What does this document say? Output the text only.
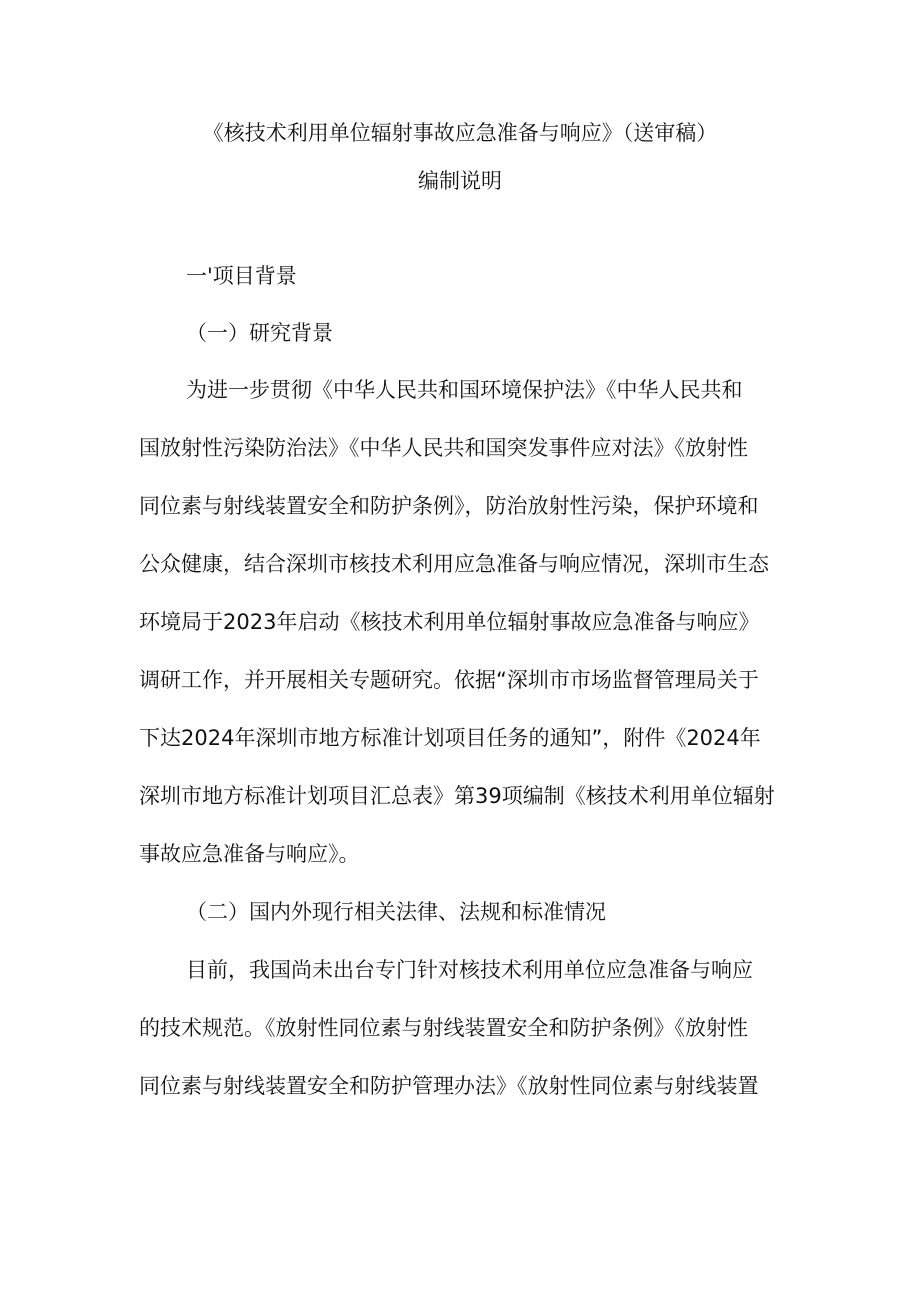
《核技术利用单位辐射事故应急准备与响应》（送审稿）
编制说明
一'项目背景
（一）研究背景
为进一步贯彻《中华人民共和国环境保护法》《中华人民共和
国放射性污染防治法》《中华人民共和国突发事件应对法》《放射性
同位素与射线装置安全和防护条例》，防治放射性污染，保护环境和
公众健康，结合深圳市核技术利用应急准备与响应情况，深圳市生态
环境局于2023年启动《核技术利用单位辐射事故应急准备与响应》
调研工作，并开展相关专题研究。依据“深圳市市场监督管理局关于
下达2024年深圳市地方标准计划项目任务的通知”，附件《2024年
深圳市地方标准计划项目汇总表》第39项编制《核技术利用单位辐射
事故应急准备与响应》。
（二）国内外现行相关法律、法规和标准情况
目前，我国尚未出台专门针对核技术利用单位应急准备与响应
的技术规范。《放射性同位素与射线装置安全和防护条例》《放射性
同位素与射线装置安全和防护管理办法》《放射性同位素与射线装置
